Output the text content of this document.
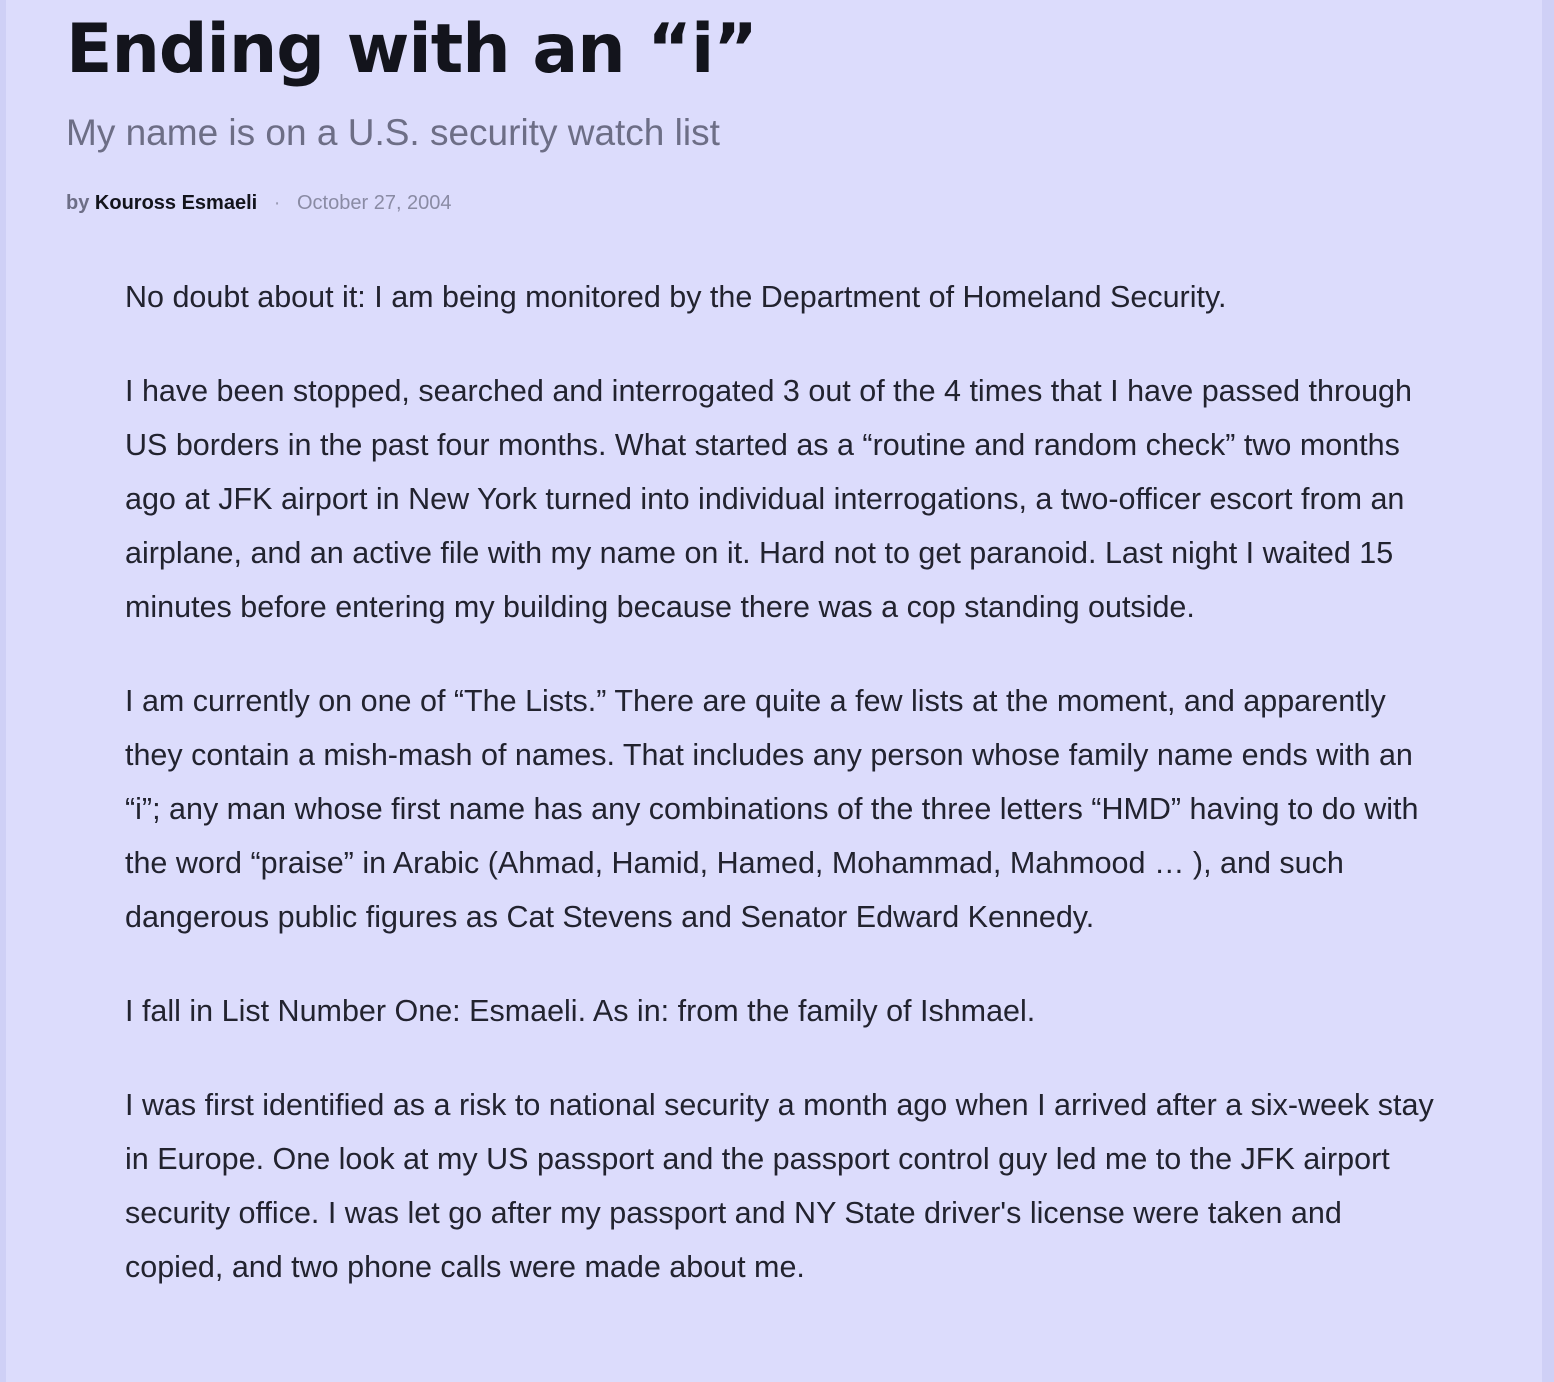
Ending with an “i”
My name is on a U.S. security watch list
by Kouross Esmaeli · October 27, 2004

No doubt about it: I am being monitored by the Department of Homeland Security.

I have been stopped, searched and interrogated 3 out of the 4 times that I have passed through US borders in the past four months. What started as a “routine and random check” two months ago at JFK airport in New York turned into individual interrogations, a two-officer escort from an airplane, and an active file with my name on it. Hard not to get paranoid. Last night I waited 15 minutes before entering my building because there was a cop standing outside.

I am currently on one of “The Lists.” There are quite a few lists at the moment, and apparently they contain a mish-mash of names. That includes any person whose family name ends with an “i”; any man whose first name has any combinations of the three letters “HMD” having to do with the word “praise” in Arabic (Ahmad, Hamid, Hamed, Mohammad, Mahmood … ), and such dangerous public figures as Cat Stevens and Senator Edward Kennedy.

I fall in List Number One: Esmaeli. As in: from the family of Ishmael.

I was first identified as a risk to national security a month ago when I arrived after a six-week stay in Europe. One look at my US passport and the passport control guy led me to the JFK airport security office. I was let go after my passport and NY State driver's license were taken and copied, and two phone calls were made about me.
